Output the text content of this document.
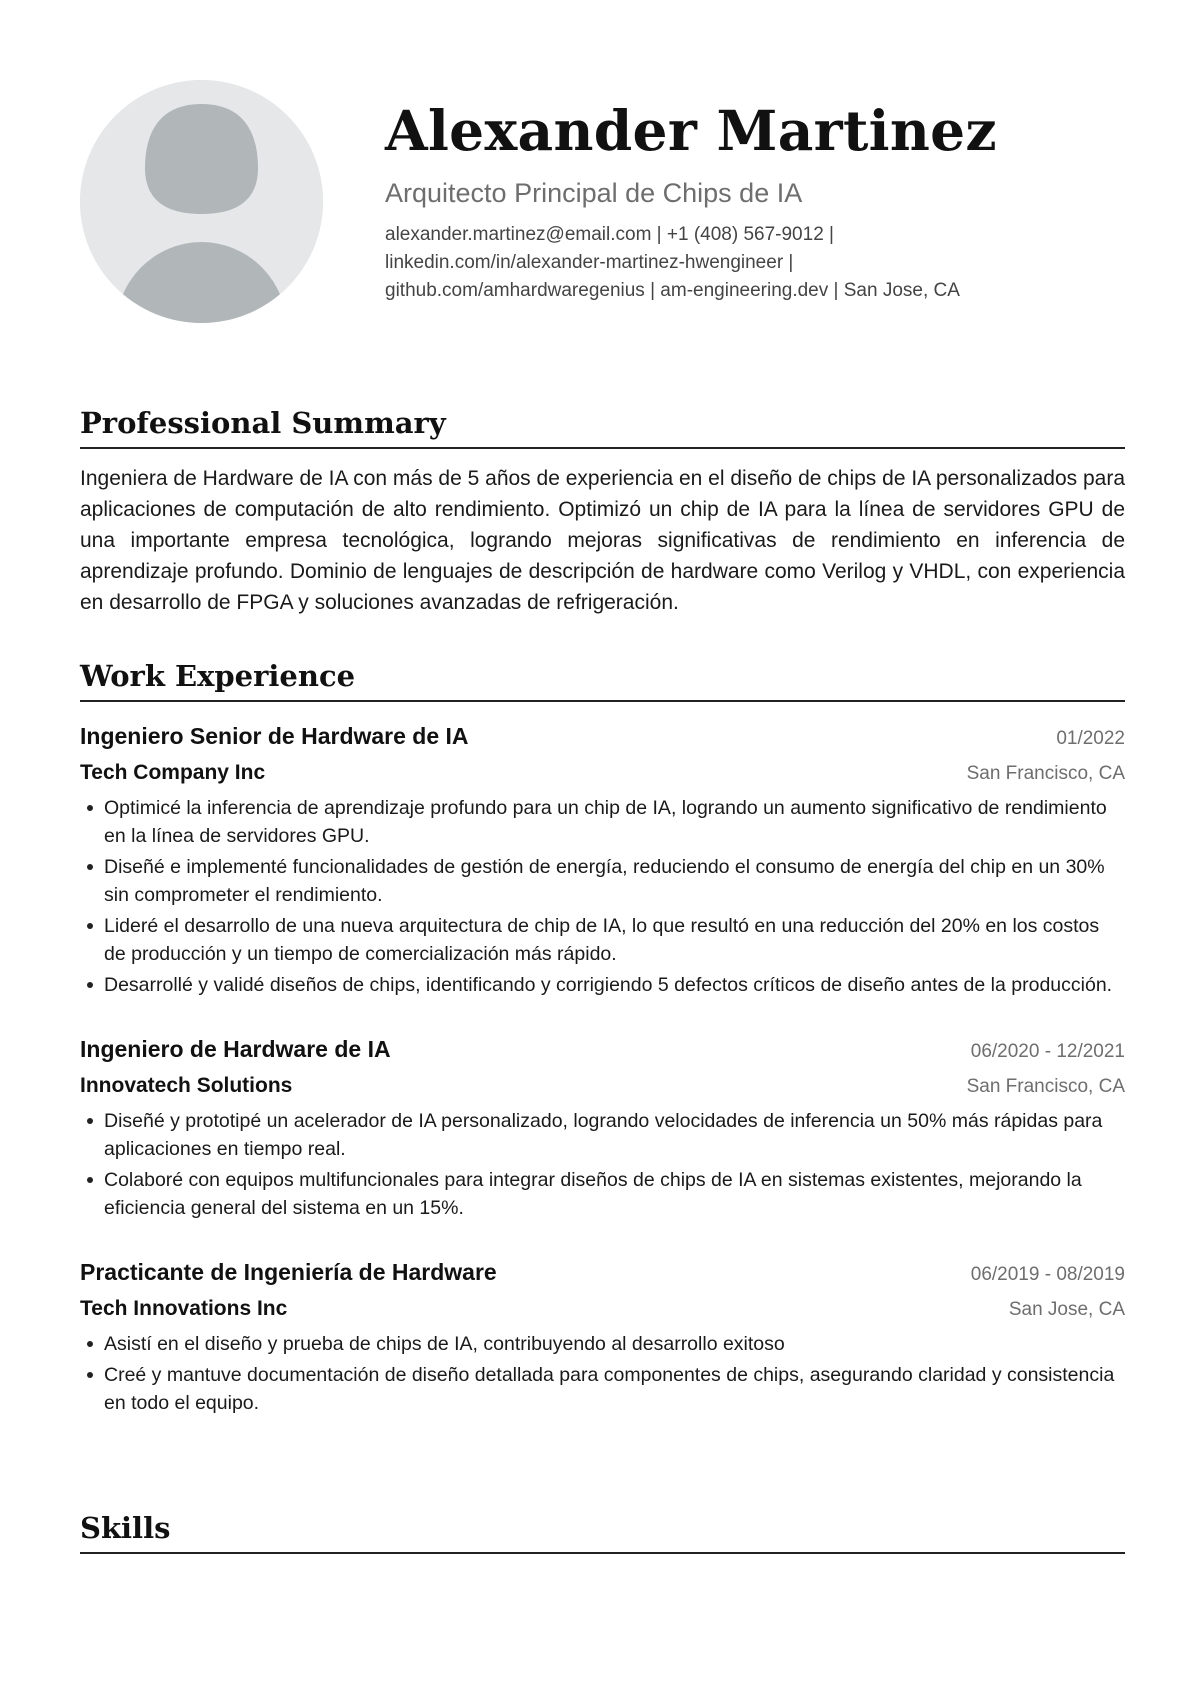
Alexander Martinez
Arquitecto Principal de Chips de IA
alexander.martinez@email.com | +1 (408) 567-9012 | linkedin.com/in/alexander-martinez-hwengineer | github.com/amhardwaregenius | am-engineering.dev | San Jose, CA
Professional Summary
Ingeniera de Hardware de IA con más de 5 años de experiencia en el diseño de chips de IA personalizados para aplicaciones de computación de alto rendimiento. Optimizó un chip de IA para la línea de servidores GPU de una importante empresa tecnológica, logrando mejoras significativas de rendimiento en inferencia de aprendizaje profundo. Dominio de lenguajes de descripción de hardware como Verilog y VHDL, con experiencia en desarrollo de FPGA y soluciones avanzadas de refrigeración.
Work Experience
Ingeniero Senior de Hardware de IA	01/2022
Tech Company Inc	San Francisco, CA
Optimicé la inferencia de aprendizaje profundo para un chip de IA, logrando un aumento significativo de rendimiento en la línea de servidores GPU.
Diseñé e implementé funcionalidades de gestión de energía, reduciendo el consumo de energía del chip en un 30% sin comprometer el rendimiento.
Lideré el desarrollo de una nueva arquitectura de chip de IA, lo que resultó en una reducción del 20% en los costos de producción y un tiempo de comercialización más rápido.
Desarrollé y validé diseños de chips, identificando y corrigiendo 5 defectos críticos de diseño antes de la producción.
Ingeniero de Hardware de IA	06/2020 - 12/2021
Innovatech Solutions	San Francisco, CA
Diseñé y prototipé un acelerador de IA personalizado, logrando velocidades de inferencia un 50% más rápidas para aplicaciones en tiempo real.
Colaboré con equipos multifuncionales para integrar diseños de chips de IA en sistemas existentes, mejorando la eficiencia general del sistema en un 15%.
Practicante de Ingeniería de Hardware	06/2019 - 08/2019
Tech Innovations Inc	San Jose, CA
Asistí en el diseño y prueba de chips de IA, contribuyendo al desarrollo exitoso
Creé y mantuve documentación de diseño detallada para componentes de chips, asegurando claridad y consistencia en todo el equipo.
Skills
